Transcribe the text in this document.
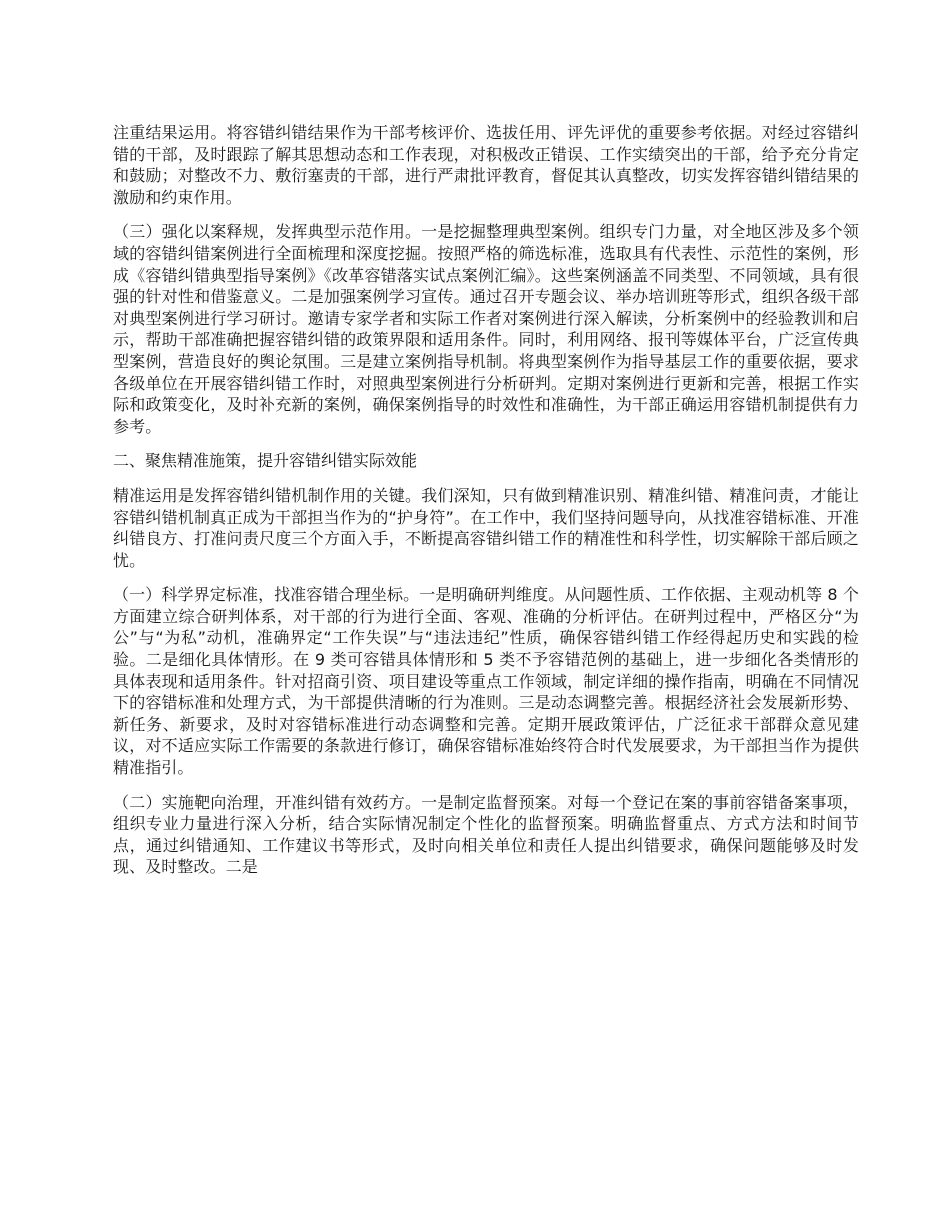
注重结果运用。将容错纠错结果作为干部考核评价、选拔任用、评先评优的重要参考依据。对经过容错纠错的干部，及时跟踪了解其思想动态和工作表现，对积极改正错误、工作实绩突出的干部，给予充分肯定和鼓励；对整改不力、敷衍塞责的干部，进行严肃批评教育，督促其认真整改，切实发挥容错纠错结果的激励和约束作用。

（三）强化以案释规，发挥典型示范作用。一是挖掘整理典型案例。组织专门力量，对全地区涉及多个领域的容错纠错案例进行全面梳理和深度挖掘。按照严格的筛选标准，选取具有代表性、示范性的案例，形成《容错纠错典型指导案例》《改革容错落实试点案例汇编》。这些案例涵盖不同类型、不同领域，具有很强的针对性和借鉴意义。二是加强案例学习宣传。通过召开专题会议、举办培训班等形式，组织各级干部对典型案例进行学习研讨。邀请专家学者和实际工作者对案例进行深入解读，分析案例中的经验教训和启示，帮助干部准确把握容错纠错的政策界限和适用条件。同时，利用网络、报刊等媒体平台，广泛宣传典型案例，营造良好的舆论氛围。三是建立案例指导机制。将典型案例作为指导基层工作的重要依据，要求各级单位在开展容错纠错工作时，对照典型案例进行分析研判。定期对案例进行更新和完善，根据工作实际和政策变化，及时补充新的案例，确保案例指导的时效性和准确性，为干部正确运用容错机制提供有力参考。

二、聚焦精准施策，提升容错纠错实际效能

精准运用是发挥容错纠错机制作用的关键。我们深知，只有做到精准识别、精准纠错、精准问责，才能让容错纠错机制真正成为干部担当作为的“护身符”。在工作中，我们坚持问题导向，从找准容错标准、开准纠错良方、打准问责尺度三个方面入手，不断提高容错纠错工作的精准性和科学性，切实解除干部后顾之忧。

（一）科学界定标准，找准容错合理坐标。一是明确研判维度。从问题性质、工作依据、主观动机等 8 个方面建立综合研判体系，对干部的行为进行全面、客观、准确的分析评估。在研判过程中，严格区分“为公”与“为私”动机，准确界定“工作失误”与“违法违纪”性质，确保容错纠错工作经得起历史和实践的检验。二是细化具体情形。在 9 类可容错具体情形和 5 类不予容错范例的基础上，进一步细化各类情形的具体表现和适用条件。针对招商引资、项目建设等重点工作领域，制定详细的操作指南，明确在不同情况下的容错标准和处理方式，为干部提供清晰的行为准则。三是动态调整完善。根据经济社会发展新形势、新任务、新要求，及时对容错标准进行动态调整和完善。定期开展政策评估，广泛征求干部群众意见建议，对不适应实际工作需要的条款进行修订，确保容错标准始终符合时代发展要求，为干部担当作为提供精准指引。

（二）实施靶向治理，开准纠错有效药方。一是制定监督预案。对每一个登记在案的事前容错备案事项，组织专业力量进行深入分析，结合实际情况制定个性化的监督预案。明确监督重点、方式方法和时间节点，通过纠错通知、工作建议书等形式，及时向相关单位和责任人提出纠错要求，确保问题能够及时发现、及时整改。二是
